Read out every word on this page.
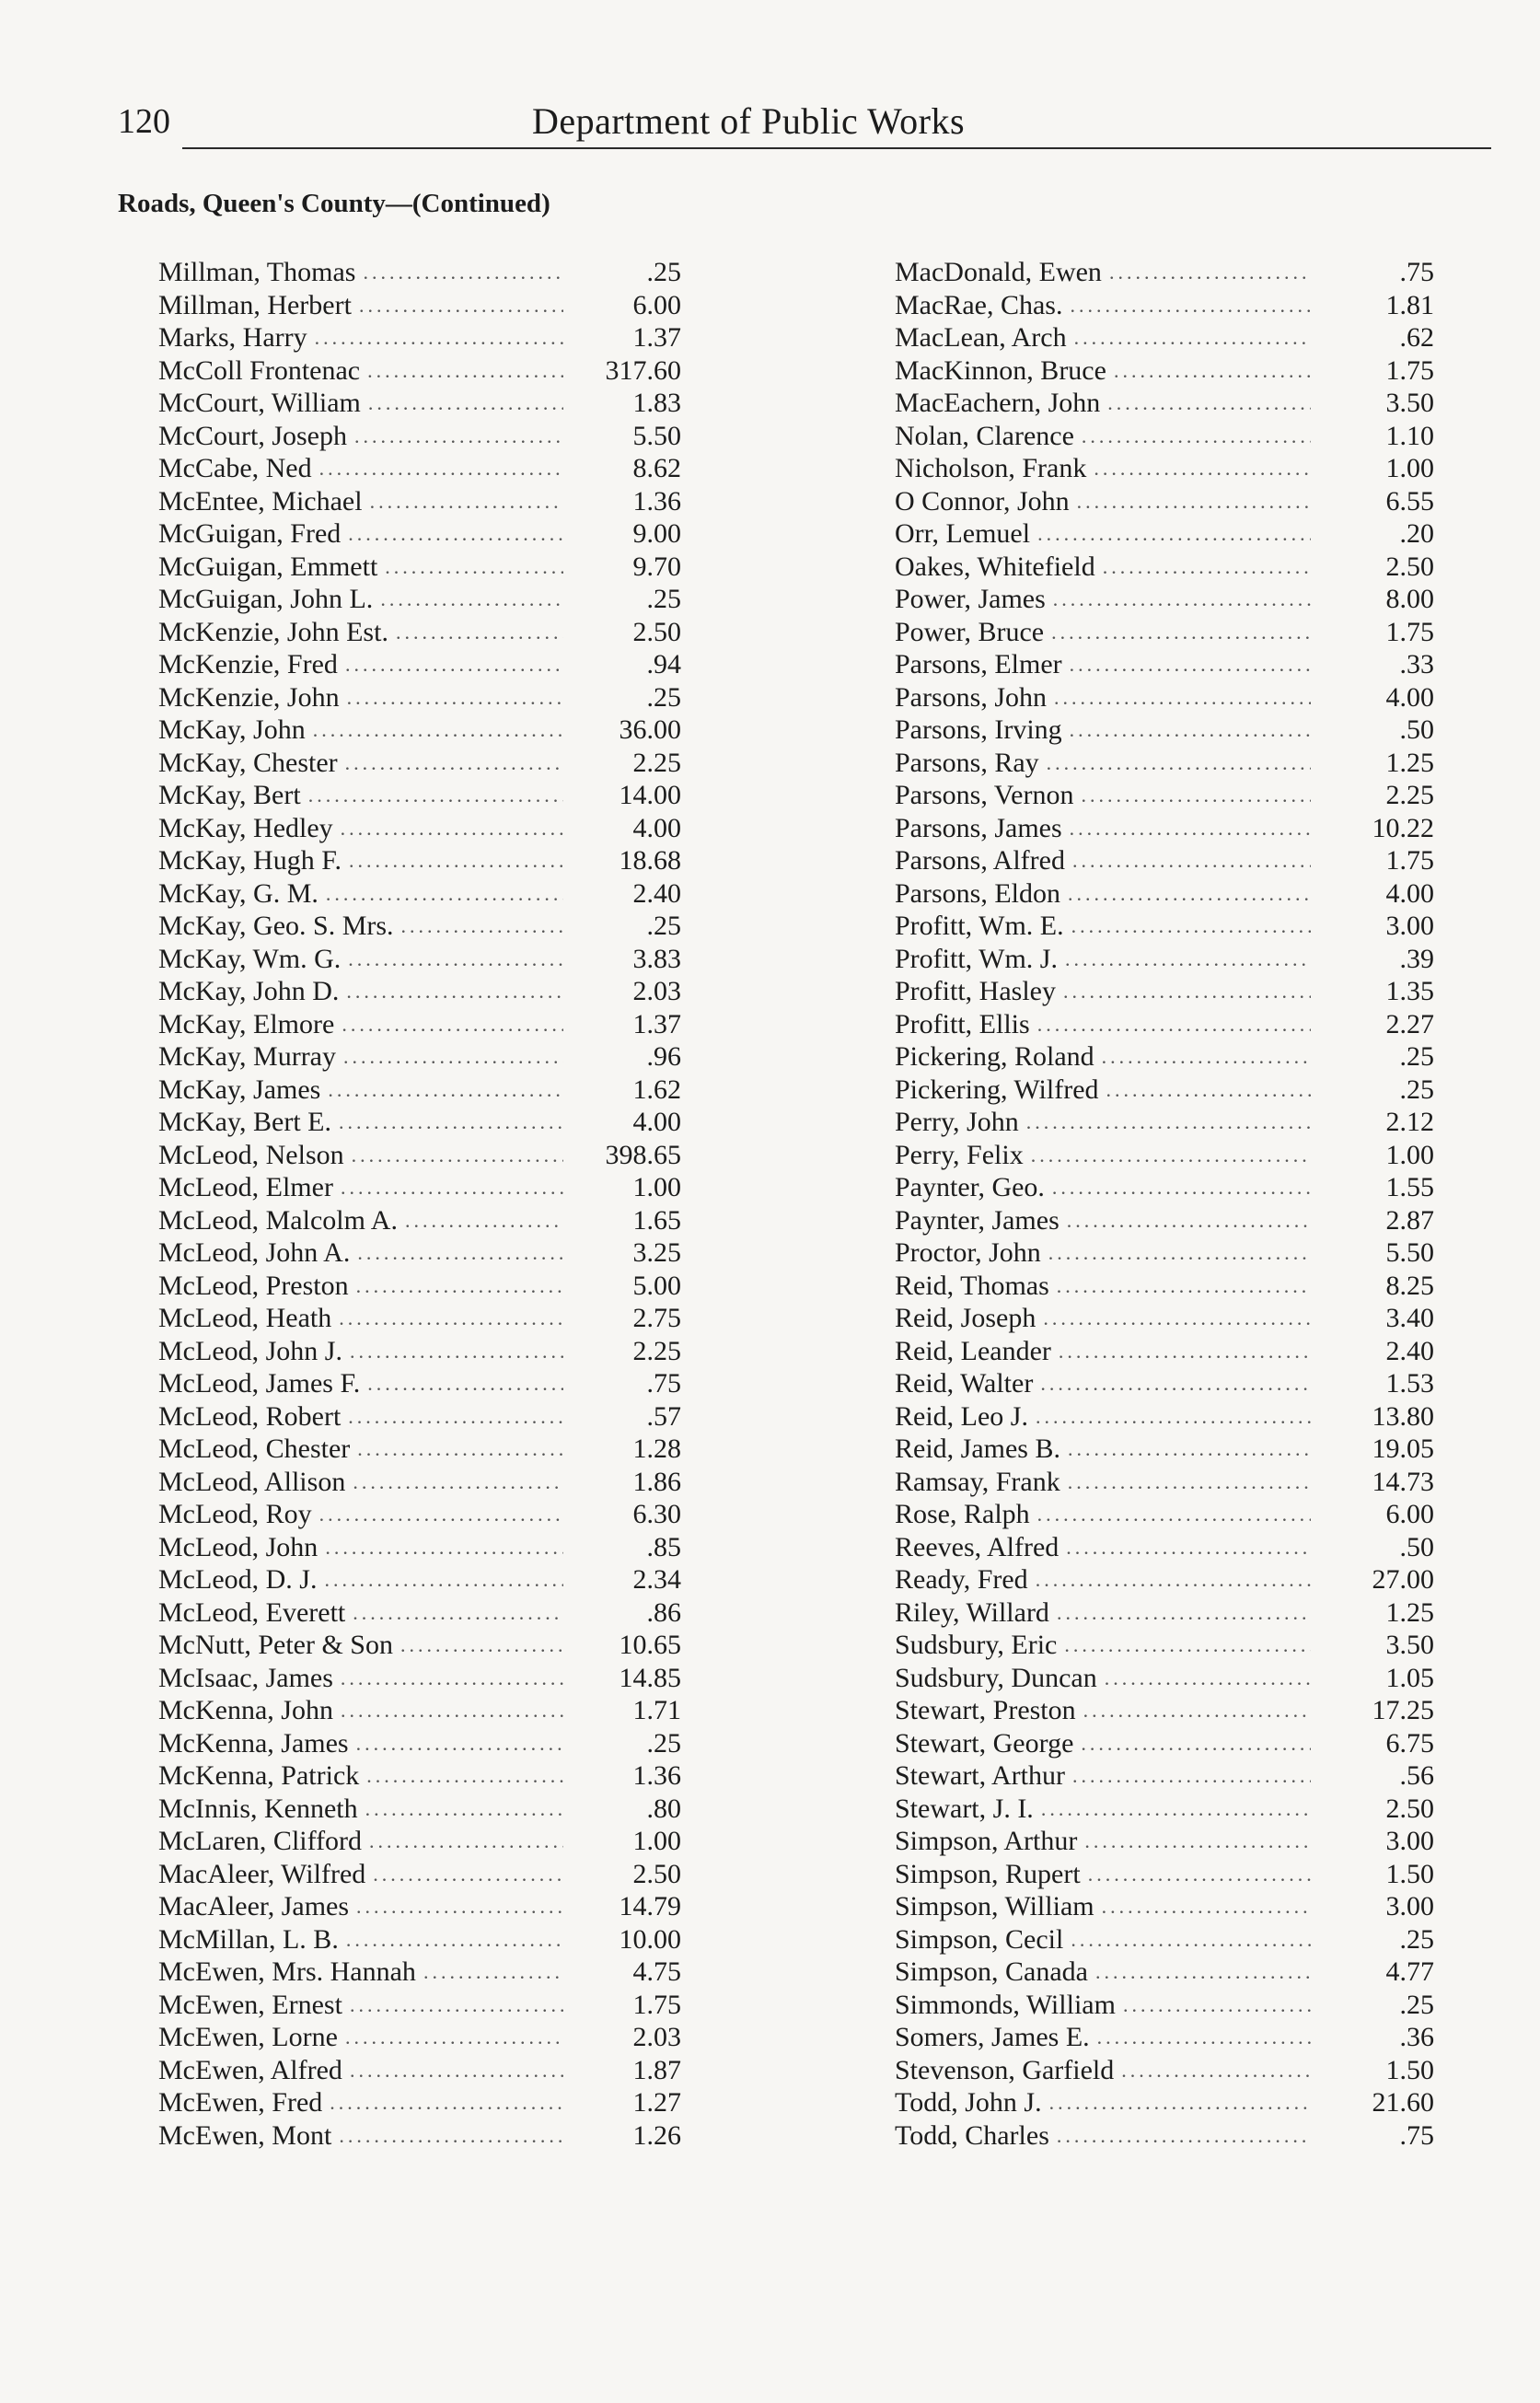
120	Department of Public Works
Roads, Queen's County—(Continued)
Millman, Thomas .....	.25
Millman, Herbert .....	6.00
Marks, Harry .....	1.37
McColl Frontenac .....	317.60
McCourt, William .....	1.83
McCourt, Joseph .....	5.50
McCabe, Ned .....	8.62
McEntee, Michael .....	1.36
McGuigan, Fred .....	9.00
McGuigan, Emmett .....	9.70
McGuigan, John L. .....	.25
McKenzie, John Est. .....	2.50
McKenzie, Fred .....	.94
McKenzie, John .....	.25
McKay, John .....	36.00
McKay, Chester .....	2.25
McKay, Bert .....	14.00
McKay, Hedley .....	4.00
McKay, Hugh F. .....	18.68
McKay, G. M. .....	2.40
McKay, Geo. S. Mrs. .....	.25
McKay, Wm. G. .....	3.83
McKay, John D. .....	2.03
McKay, Elmore .....	1.37
McKay, Murray .....	.96
McKay, James .....	1.62
McKay, Bert E. .....	4.00
McLeod, Nelson .....	398.65
McLeod, Elmer .....	1.00
McLeod, Malcolm A. .....	1.65
McLeod, John A. .....	3.25
McLeod, Preston .....	5.00
McLeod, Heath .....	2.75
McLeod, John J. .....	2.25
McLeod, James F. .....	.75
McLeod, Robert .....	.57
McLeod, Chester .....	1.28
McLeod, Allison .....	1.86
McLeod, Roy .....	6.30
McLeod, John .....	.85
McLeod, D. J. .....	2.34
McLeod, Everett .....	.86
McNutt, Peter & Son .....	10.65
McIsaac, James .....	14.85
McKenna, John .....	1.71
McKenna, James .....	.25
McKenna, Patrick .....	1.36
McInnis, Kenneth .....	.80
McLaren, Clifford .....	1.00
MacAleer, Wilfred .....	2.50
MacAleer, James .....	14.79
McMillan, L. B. .....	10.00
McEwen, Mrs. Hannah .....	4.75
McEwen, Ernest .....	1.75
McEwen, Lorne .....	2.03
McEwen, Alfred .....	1.87
McEwen, Fred .....	1.27
McEwen, Mont .....	1.26
MacDonald, Ewen .....	.75
MacRae, Chas. .....	1.81
MacLean, Arch .....	.62
MacKinnon, Bruce .....	1.75
MacEachern, John .....	3.50
Nolan, Clarence .....	1.10
Nicholson, Frank .....	1.00
O Connor, John .....	6.55
Orr, Lemuel .....	.20
Oakes, Whitefield .....	2.50
Power, James .....	8.00
Power, Bruce .....	1.75
Parsons, Elmer .....	.33
Parsons, John .....	4.00
Parsons, Irving .....	.50
Parsons, Ray .....	1.25
Parsons, Vernon .....	2.25
Parsons, James .....	10.22
Parsons, Alfred .....	1.75
Parsons, Eldon .....	4.00
Profitt, Wm. E. .....	3.00
Profitt, Wm. J. .....	.39
Profitt, Hasley .....	1.35
Profitt, Ellis .....	2.27
Pickering, Roland .....	.25
Pickering, Wilfred .....	.25
Perry, John .....	2.12
Perry, Felix .....	1.00
Paynter, Geo. .....	1.55
Paynter, James .....	2.87
Proctor, John .....	5.50
Reid, Thomas .....	8.25
Reid, Joseph .....	3.40
Reid, Leander .....	2.40
Reid, Walter .....	1.53
Reid, Leo J. .....	13.80
Reid, James B. .....	19.05
Ramsay, Frank .....	14.73
Rose, Ralph .....	6.00
Reeves, Alfred .....	.50
Ready, Fred .....	27.00
Riley, Willard .....	1.25
Sudsbury, Eric .....	3.50
Sudsbury, Duncan .....	1.05
Stewart, Preston .....	17.25
Stewart, George .....	6.75
Stewart, Arthur .....	.56
Stewart, J. I. .....	2.50
Simpson, Arthur .....	3.00
Simpson, Rupert .....	1.50
Simpson, William .....	3.00
Simpson, Cecil .....	.25
Simpson, Canada .....	4.77
Simmonds, William .....	.25
Somers, James E. .....	.36
Stevenson, Garfield .....	1.50
Todd, John J. .....	21.60
Todd, Charles .....	.75
